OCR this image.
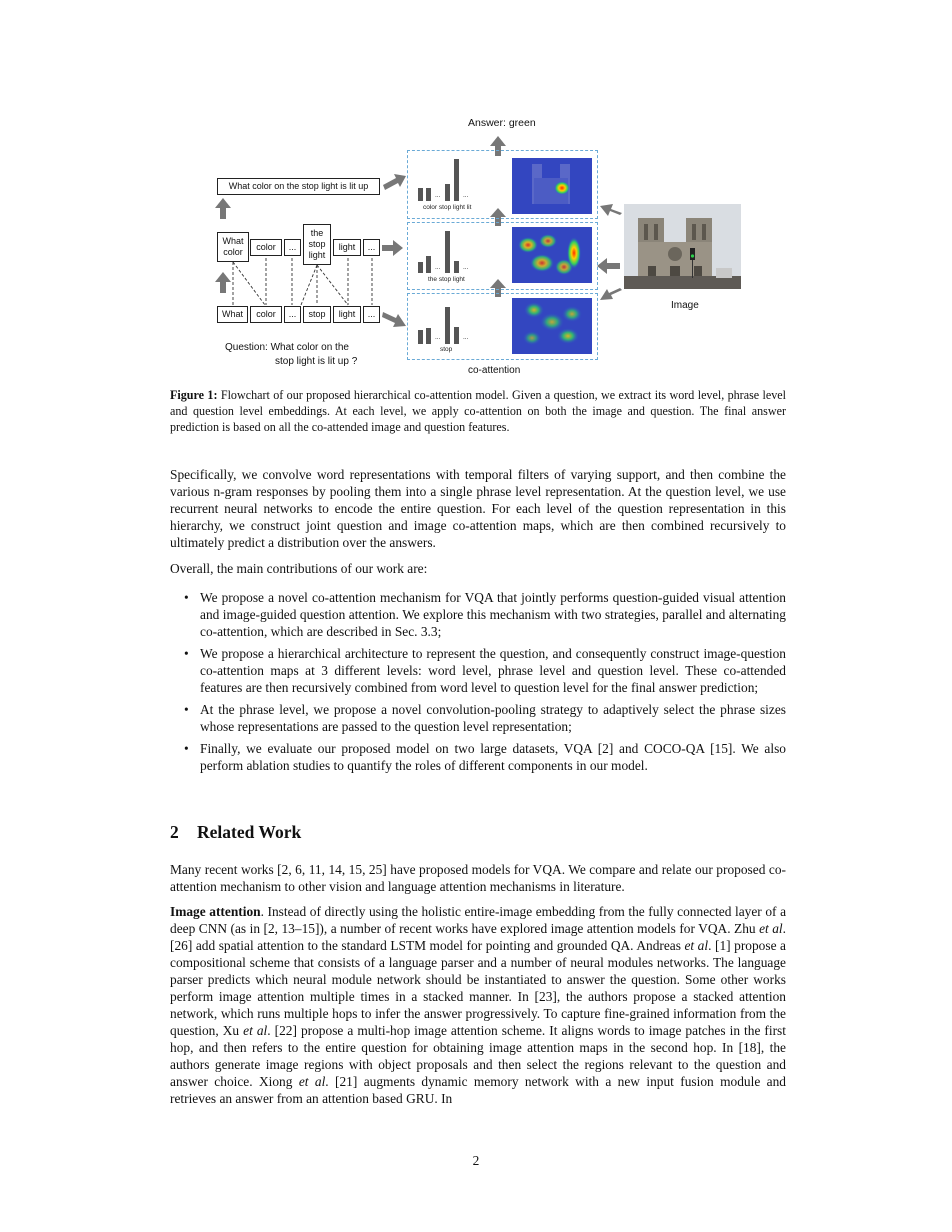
Answer: green
What color on the stop light is lit up
What color	color	...
the stop light
light	...
What	color	...	stop	light	...
Question: What color on the
stop light is lit up ?
...	...
color stop light lit
...	...
the stop light
...	...
stop
Image
co-attention
Figure 1: Flowchart of our proposed hierarchical co-attention model. Given a question, we extract its word level, phrase level and question level embeddings. At each level, we apply co-attention on both the image and question. The final answer prediction is based on all the co-attended image and question features.

Specifically, we convolve word representations with temporal filters of varying support, and then combine the various n-gram responses by pooling them into a single phrase level representation. At the question level, we use recurrent neural networks to encode the entire question. For each level of the question representation in this hierarchy, we construct joint question and image co-attention maps, which are then combined recursively to ultimately predict a distribution over the answers.

Overall, the main contributions of our work are:

• We propose a novel co-attention mechanism for VQA that jointly performs question-guided visual attention and image-guided question attention. We explore this mechanism with two strategies, parallel and alternating co-attention, which are described in Sec. 3.3;
• We propose a hierarchical architecture to represent the question, and consequently construct image-question co-attention maps at 3 different levels: word level, phrase level and question level. These co-attended features are then recursively combined from word level to question level for the final answer prediction;
• At the phrase level, we propose a novel convolution-pooling strategy to adaptively select the phrase sizes whose representations are passed to the question level representation;
• Finally, we evaluate our proposed model on two large datasets, VQA [2] and COCO-QA [15]. We also perform ablation studies to quantify the roles of different components in our model.
2 Related Work

Many recent works [2, 6, 11, 14, 15, 25] have proposed models for VQA. We compare and relate our proposed co-attention mechanism to other vision and language attention mechanisms in literature.

Image attention. Instead of directly using the holistic entire-image embedding from the fully connected layer of a deep CNN (as in [2, 13–15]), a number of recent works have explored image attention models for VQA. Zhu et al. [26] add spatial attention to the standard LSTM model for pointing and grounded QA. Andreas et al. [1] propose a compositional scheme that consists of a language parser and a number of neural modules networks. The language parser predicts which neural module network should be instantiated to answer the question. Some other works perform image attention multiple times in a stacked manner. In [23], the authors propose a stacked attention network, which runs multiple hops to infer the answer progressively. To capture fine-grained information from the question, Xu et al. [22] propose a multi-hop image attention scheme. It aligns words to image patches in the first hop, and then refers to the entire question for obtaining image attention maps in the second hop. In [18], the authors generate image regions with object proposals and then select the regions relevant to the question and answer choice. Xiong et al. [21] augments dynamic memory network with a new input fusion module and retrieves an answer from an attention based GRU. In

2
